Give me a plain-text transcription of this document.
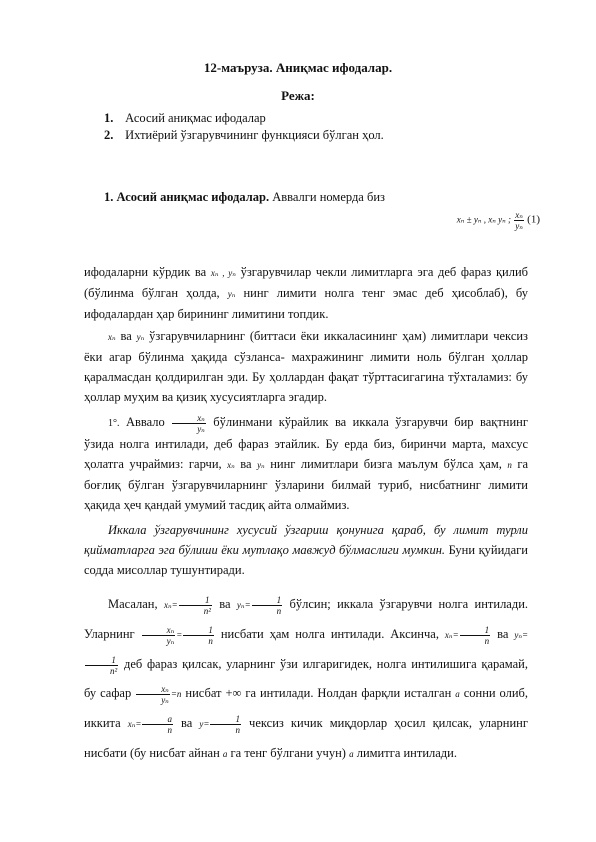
12-маъруза. Аниқмас ифодалар.
Режа:
1. Асосий аниқмас ифодалар
2. Ихтиёрий ўзгарувчининг функцияси бўлган ҳол.
1. Асосий аниқмас ифодалар. Аввалги номерда биз
xₙ ± yₙ , xₙ yₙ ; $\frac{\text{xₙ}}{\text{yₙ}} (1)$
ифодаларни кўрдик ва xₙ , yₙ ўзгарувчилар чекли лимитларга эга деб фараз қилиб (бўлинма бўлган ҳолда, yₙ нинг лимити нолга тенг эмас деб ҳисоблаб), бу ифодалардан ҳар бирининг лимитини топдик.
xₙ ва yₙ ўзгарувчиларнинг (биттаси ёки иккаласининг ҳам) лимитлари чексиз ёки агар бўлинма ҳақида сўзланса- махражининг лимити ноль бўлган ҳоллар қаралмасдан қолдирилган эди. Бу ҳоллардан фақат тўрттасигагина тўхталамиз: бу ҳоллар муҳим ва қизиқ хусусиятларга эгадир.
1°. Аввало $\frac{\text{xₙ}}{\text{yₙ}}$ бўлинмани кўрайлик ва иккала ўзгарувчи бир вақтнинг ўзида нолга интилади, деб фараз этайлик. Бу ерда биз, биринчи марта, махсус ҳолатга учраймиз: гарчи, xₙ ва yₙ нинг лимитлари бизга маълум бўлса ҳам, n га боғлиқ бўлган ўзгарувчиларнинг ўзларини билмай туриб, нисбатнинг лимити ҳақида ҳеч қандай умумий тасдиқ айта олмаймиз.
Иккала ўзгарувчининг хусусий ўзгариш қонунига қараб, бу лимит турли қийматларга эга бўлиши ёки мутлақо мавжуд бўлмаслиги мумкин. Буни қуйидаги содда мисоллар тушунтиради.
Масалан, $x_n= \frac{1}{\text{n²}}$ ва $y_n= \frac{1}{n}$ бўлсин; иккала ўзгарувчи нолга интилади. Уларнинг $\frac{\text{xₙ}}{\text{yₙ}} = \frac{1}{n}$ нисбати ҳам нолга интилади. Аксинча, $x_n= \frac{1}{n}$ ва yₙ=
$\frac{1}{\text{n²}}$ деб фараз қилсак, уларнинг ўзи илгаригидек, нолга интилишига қарамай, бу сафар $\frac{\text{xₙ}}{\text{yₙ}} =n$ нисбат +∞ га интилади. Нолдан фарқли исталган a сонни олиб, иккита $x_n= \frac{a}{n}$ ва $y= \frac{1}{n}$ чексиз кичик миқдорлар ҳосил қилсак, уларнинг нисбати (бу нисбат айнан a га тенг бўлгани учун) a лимитга интилади.
